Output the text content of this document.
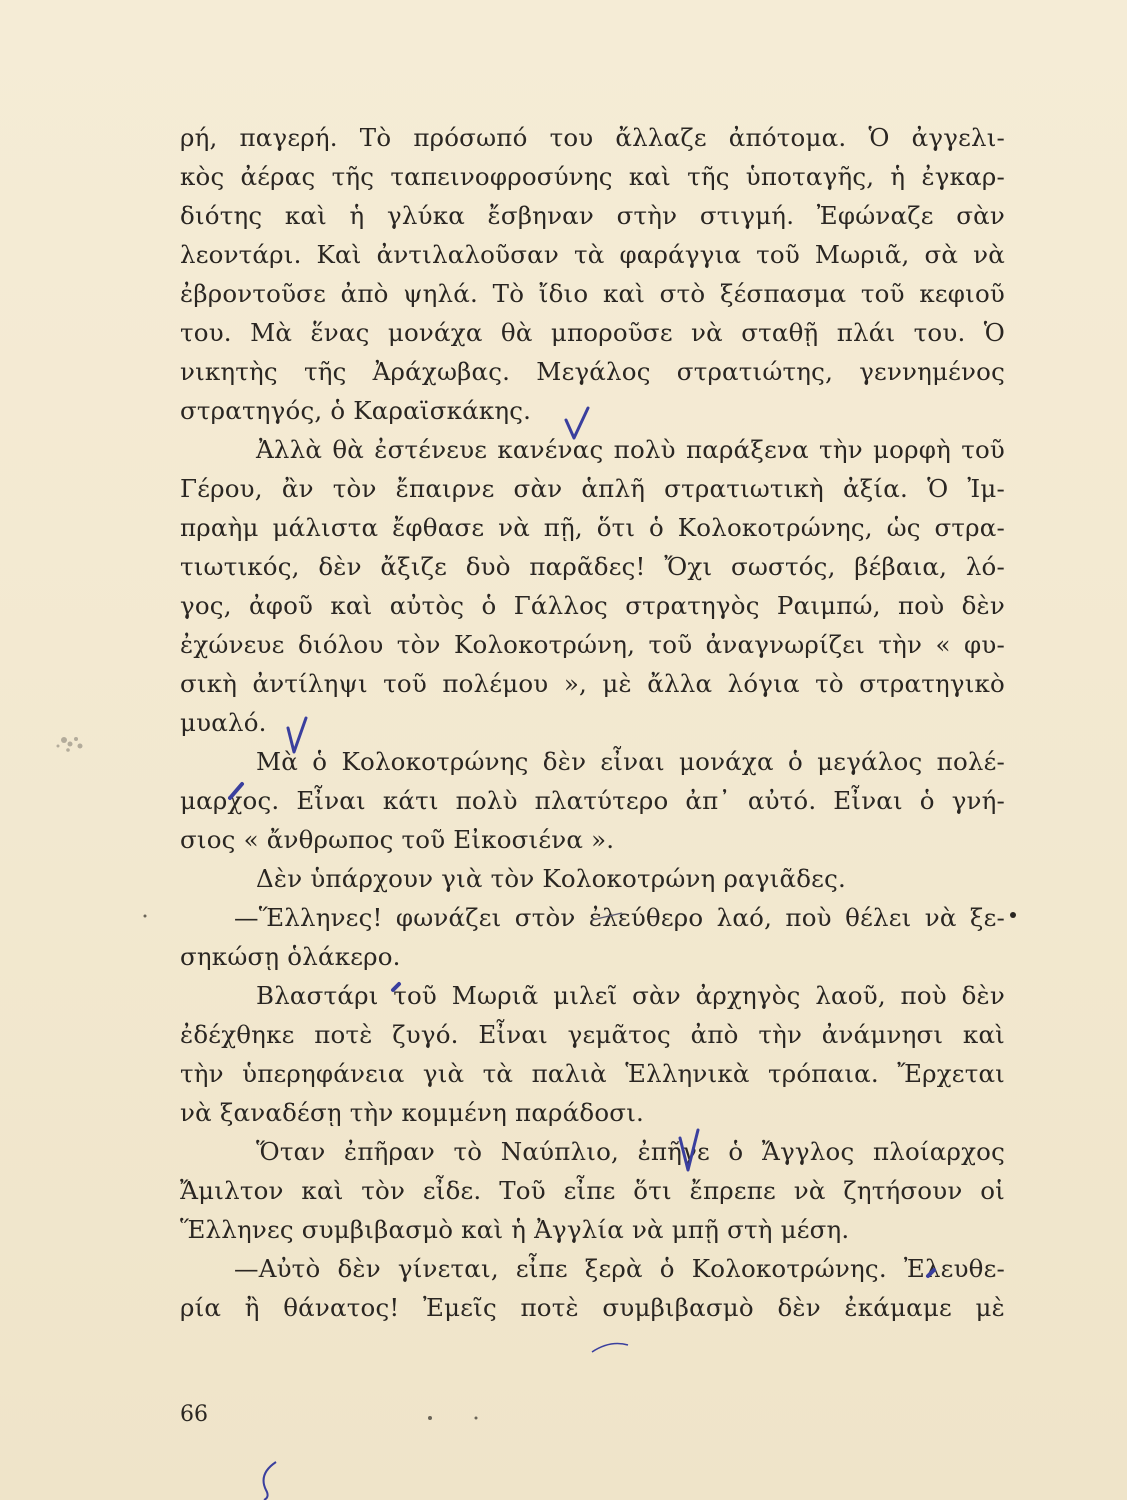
ρή, παγερή. Τὸ πρόσωπό του ἄλλαζε ἀπότομα. Ὁ ἀγγελι-
κὸς ἀέρας τῆς ταπεινοφροσύνης καὶ τῆς ὑποταγῆς, ἡ ἐγκαρ-
διότης καὶ ἡ γλύκα ἔσβηναν στὴν στιγμή. Ἐφώναζε σὰν
λεοντάρι. Καὶ ἀντιλαλοῦσαν τὰ φαράγγια τοῦ Μωριᾶ, σὰ νὰ
ἐβροντοῦσε ἀπὸ ψηλά. Τὸ ἴδιο καὶ στὸ ξέσπασμα τοῦ κεφιοῦ
του. Μὰ ἕνας μονάχα θὰ μποροῦσε νὰ σταθῇ πλάι του. Ὁ
νικητὴς τῆς Ἀράχωβας. Μεγάλος στρατιώτης, γεννημένος
στρατηγός, ὁ Καραϊσκάκης.
Ἀλλὰ θὰ ἐστένευε κανένας πολὺ παράξενα τὴν μορφὴ τοῦ
Γέρου, ἂν τὸν ἔπαιρνε σὰν ἁπλῆ στρατιωτικὴ ἀξία. Ὁ Ἰμ-
πραὴμ μάλιστα ἔφθασε νὰ πῇ, ὅτι ὁ Κολοκοτρώνης, ὡς στρα-
τιωτικός, δὲν ἄξιζε δυὸ παρᾶδες! Ὄχι σωστός, βέβαια, λό-
γος, ἀφοῦ καὶ αὐτὸς ὁ Γάλλος στρατηγὸς Ραιμπώ, ποὺ δὲν
ἐχώνευε διόλου τὸν Κολοκοτρώνη, τοῦ ἀναγνωρίζει τὴν « φυ-
σικὴ ἀντίληψι τοῦ πολέμου », μὲ ἄλλα λόγια τὸ στρατηγικὸ
μυαλό.
Μὰ ὁ Κολοκοτρώνης δὲν εἶναι μονάχα ὁ μεγάλος πολέ-
μαρχος. Εἶναι κάτι πολὺ πλατύτερο ἀπ᾽ αὐτό. Εἶναι ὁ γνή-
σιος « ἄνθρωπος τοῦ Εἰκοσιένα ».
Δὲν ὑπάρχουν γιὰ τὸν Κολοκοτρώνη ραγιᾶδες.
—Ἕλληνες! φωνάζει στὸν ἐλεύθερο λαό, ποὺ θέλει νὰ ξε-
σηκώσῃ ὁλάκερο.
Βλαστάρι τοῦ Μωριᾶ μιλεῖ σὰν ἀρχηγὸς λαοῦ, ποὺ δὲν
ἐδέχθηκε ποτὲ ζυγό. Εἶναι γεμᾶτος ἀπὸ τὴν ἀνάμνησι καὶ
τὴν ὑπερηφάνεια γιὰ τὰ παλιὰ Ἑλληνικὰ τρόπαια. Ἔρχεται
νὰ ξαναδέσῃ τὴν κομμένη παράδοσι.
Ὅταν ἐπῆραν τὸ Ναύπλιο, ἐπῆγε ὁ Ἄγγλος πλοίαρχος
Ἄμιλτον καὶ τὸν εἶδε. Τοῦ εἶπε ὅτι ἔπρεπε νὰ ζητήσουν οἱ
Ἕλληνες συμβιβασμὸ καὶ ἡ Ἀγγλία νὰ μπῇ στὴ μέση.
—Αὐτὸ δὲν γίνεται, εἶπε ξερὰ ὁ Κολοκοτρώνης. Ἐλευθε-
ρία ἢ θάνατος! Ἐμεῖς ποτὲ συμβιβασμὸ δὲν ἐκάμαμε μὲ
66
